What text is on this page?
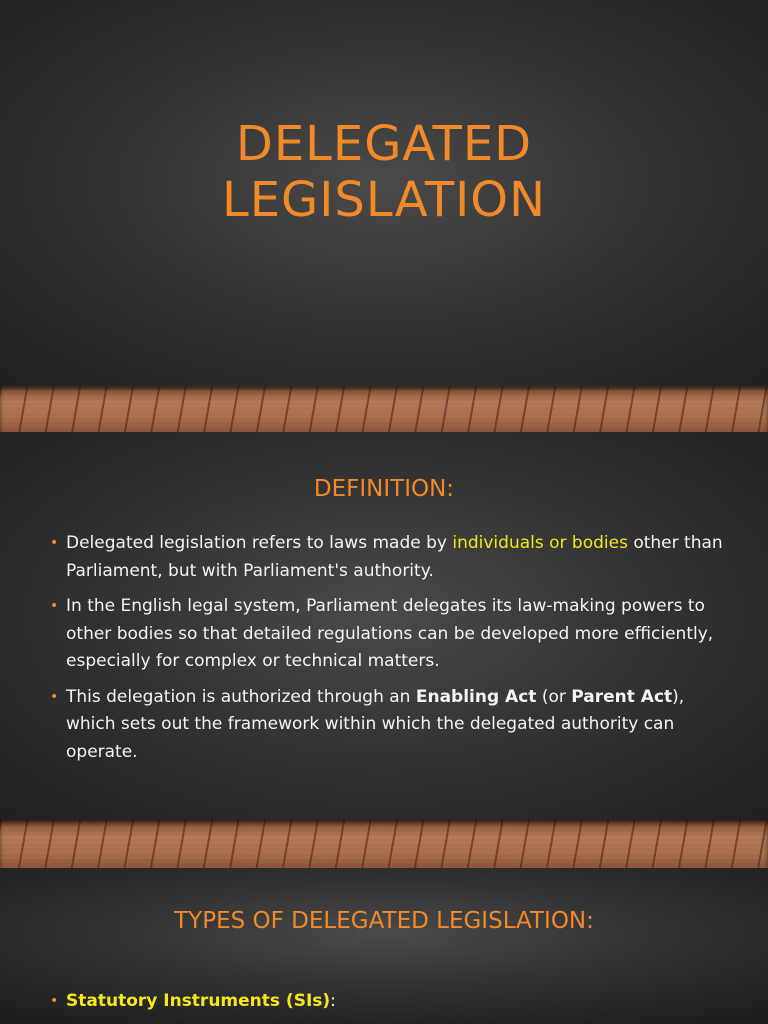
DELEGATED
LEGISLATION
DEFINITION:
• Delegated legislation refers to laws made by individuals or bodies other than Parliament, but with Parliament's authority.
• In the English legal system, Parliament delegates its law-making powers to other bodies so that detailed regulations can be developed more efficiently, especially for complex or technical matters.
• This delegation is authorized through an Enabling Act (or Parent Act), which sets out the framework within which the delegated authority can operate.
TYPES OF DELEGATED LEGISLATION:
• Statutory Instruments (SIs):
